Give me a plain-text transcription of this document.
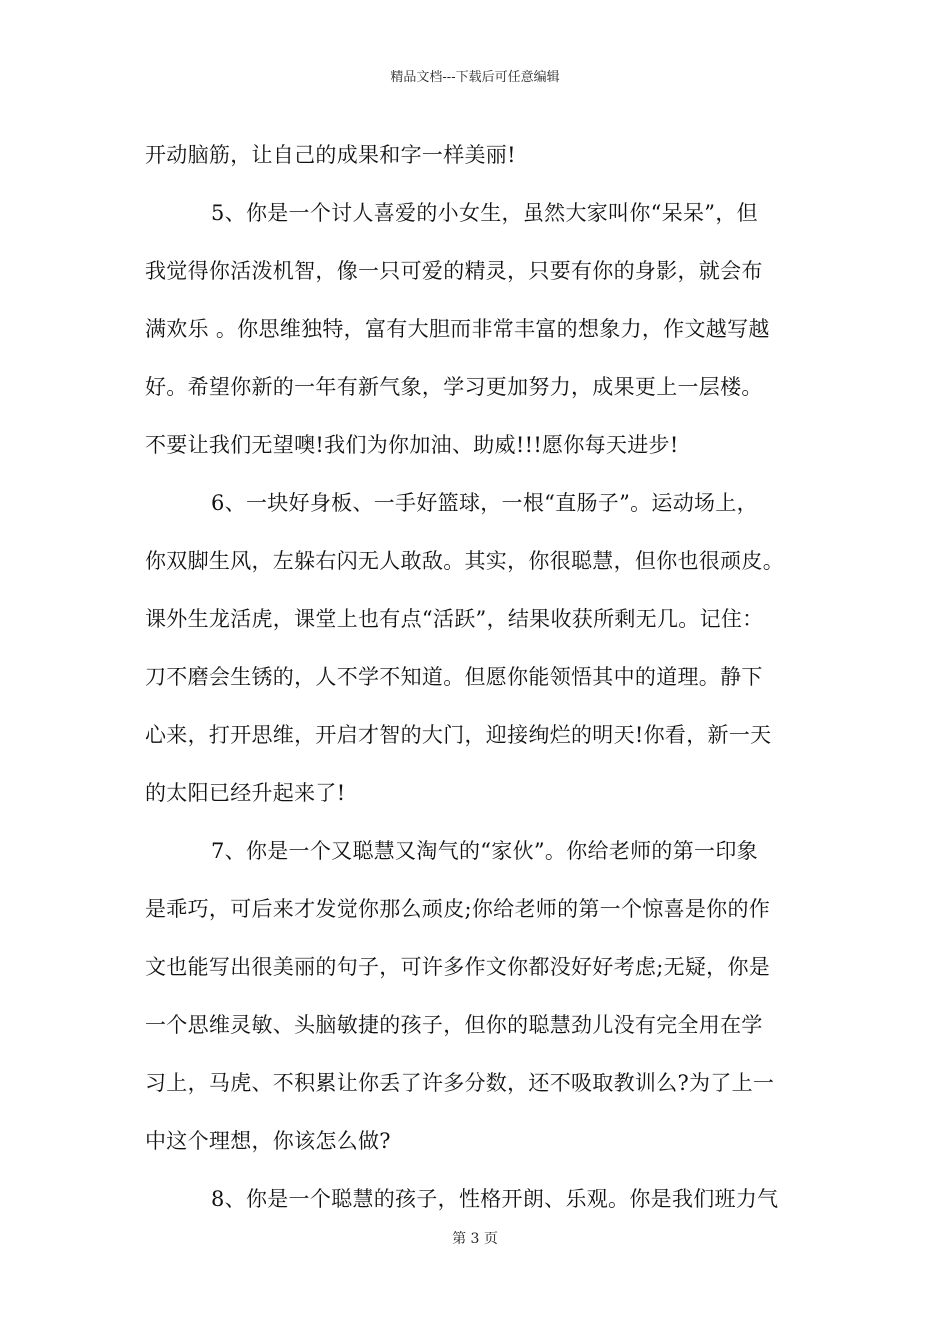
精品文档---下载后可任意编辑
开动脑筋，让自己的成果和字一样美丽!
5、你是一个讨人喜爱的小女生，虽然大家叫你“呆呆”，但
我觉得你活泼机智，像一只可爱的精灵，只要有你的身影，就会布
满欢乐 。你思维独特，富有大胆而非常丰富的想象力，作文越写越
好。希望你新的一年有新气象，学习更加努力，成果更上一层楼。
不要让我们无望噢!我们为你加油、助威!!!愿你每天进步!
6、一块好身板、一手好篮球，一根“直肠子”。运动场上，
你双脚生风，左躲右闪无人敢敌。其实，你很聪慧，但你也很顽皮。
课外生龙活虎，课堂上也有点“活跃”，结果收获所剩无几。记住：
刀不磨会生锈的，人不学不知道。但愿你能领悟其中的道理。静下
心来，打开思维，开启才智的大门，迎接绚烂的明天!你看，新一天
的太阳已经升起来了!
7、你是一个又聪慧又淘气的“家伙”。你给老师的第一印象
是乖巧，可后来才发觉你那么顽皮;你给老师的第一个惊喜是你的作
文也能写出很美丽的句子，可许多作文你都没好好考虑;无疑，你是
一个思维灵敏、头脑敏捷的孩子，但你的聪慧劲儿没有完全用在学
习上，马虎、不积累让你丢了许多分数，还不吸取教训么?为了上一
中这个理想，你该怎么做?
8、你是一个聪慧的孩子，性格开朗、乐观。你是我们班力气
第 3 页
